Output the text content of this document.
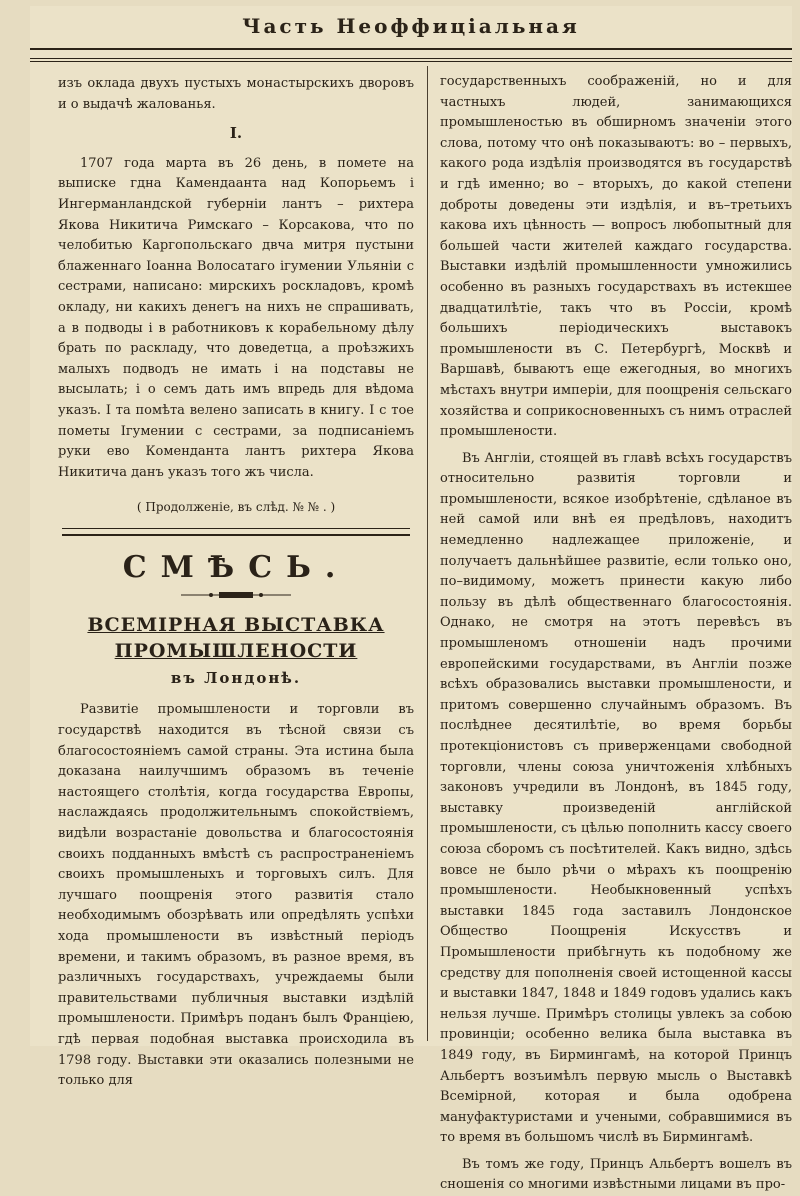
Часть Неоффиціальная

изъ оклада двухъ пустыхъ монастырскихъ дворовъ и о выдачѣ жалованья.

I.

1707 года марта въ 26 день, в помете на выписке гдна Камендаанта над Копорьемъ і Ингерманландской губерніи лантъ – рихтера Якова Никитича Римскаго – Корсакова, что по челобитью Каргопольскаго двча митря пустыни блаженнаго Іоанна Волосатаго ігумении Ульянiи с сестрами, написано: мирскихъ роскладовъ, кромѣ окладу, ни какихъ денегъ на нихъ не спрашивать, а в подводы і в работниковъ к корабельному дѣлу брать по раскладу, что доведетца, а проѣзжихъ малыхъ подводъ не имать і на подставы не высылать; і о семъ дать имъ впредь для вѣдома указъ. І та помѣта велено записать в книгу. І с тое пометы Ігумении с сестрами, за подписанiемъ руки ево Коменданта лантъ рихтера Якова Никитича данъ указъ того жъ числа.

( Продолженіе, въ слѣд. № № . )
СМѢСЬ.
ВСЕМІРНАЯ ВЫСТАВКА ПРОМЫШЛЕНОСТИ
въ Лондонѣ.

Развитіе промышлености и торговли въ государствѣ находится въ тѣсной связи съ благосостоянiемъ самой страны. Эта истина была доказана наилучшимъ образомъ въ теченіе настоящего столѣтія, когда государства Европы, наслаждаясь продолжительнымъ спокойствіемъ, видѣли возрастаніе довольства и благосостоянія своихъ подданныхъ вмѣстѣ съ распространеніемъ своихъ промышленыхъ и торговыхъ силъ. Для лучшаго поощренія этого развитія стало необходимымъ обозрѣвать или опредѣлять успѣхи хода промышлености въ извѣстный періодъ времени, и такимъ образомъ, въ разное время, въ различныхъ государствахъ, учреждаемы были правительствами публичныя выставки издѣлій промышлености. Примѣръ поданъ былъ Франціею, гдѣ первая подобная выставка происходила въ 1798 году. Выставки эти оказались полезными не только для

государственныхъ соображеній, но и для частныхъ людей, занимающихся промышленостью въ обширномъ значеніи этого слова, потому что онѣ показываютъ: во – первыхъ, какого рода издѣлія производятся въ государствѣ и гдѣ именно; во – вторыхъ, до какой степени доброты доведены эти издѣлія, и въ–третьихъ какова ихъ цѣнность — вопросъ любопытный для большей части жителей каждаго государства. Выставки издѣлій промышленности умножились особенно въ разныхъ государствахъ въ истекшее двадцатилѣтіе, такъ что въ Россіи, кромѣ большихъ періодическихъ выставокъ промышлености въ С. Петербургѣ, Москвѣ и Варшавѣ, бываютъ еще ежегодныя, во многихъ мѣстахъ внутри имперіи, для поощренія сельскаго хозяйства и соприкосновенныхъ съ нимъ отраслей промышлености.

Въ Англіи, стоящей въ главѣ всѣхъ государствъ относительно развитія торговли и промышлености, всякое изобрѣтеніе, сдѣланое въ ней самой или внѣ ея предѣловъ, находитъ немедленно надлежащее приложеніе, и получаетъ дальнѣйшее развитіе, если только оно, по–видимому, можетъ принести какую либо пользу въ дѣлѣ общественнаго благосостоянія. Однако, не смотря на этотъ перевѣсъ въ промышленомъ отношеніи надъ прочими европейскими государствами, въ Англіи позже всѣхъ образовались выставки промышлености, и притомъ совершенно случайнымъ образомъ. Въ послѣднее десятилѣтіе, во время борьбы протекціонистовъ съ приверженцами свободной торговли, члены союза уничтоженія хлѣбныхъ законовъ учредили въ Лондонѣ, въ 1845 году, выставку произведеній англійской промышлености, съ цѣлью пополнить кассу своего союза сборомъ съ посѣтителей. Какъ видно, здѣсь вовсе не было рѣчи о мѣрахъ къ поощренію промышлености. Необыкновенный успѣхъ выставки 1845 года заставилъ Лондонское Общество Поощренія Искусствъ и Промышлености прибѣгнуть къ подобному же средству для пополненія своей истощенной кассы и выставки 1847, 1848 и 1849 годовъ удались какъ нельзя лучше. Примѣръ столицы увлекъ за собою провинціи; особенно велика была выставка въ 1849 году, въ Бирмингамѣ, на которой Принцъ Альбертъ возъимѣлъ первую мысль о Выставкѣ Всемірной, которая и была одобрена мануфактуристами и учеными, собравшимися въ то время въ большомъ числѣ въ Бирмингамѣ.

Въ томъ же году, Принцъ Альбертъ вошелъ въ сношенія со многими извѣстными лицами въ про-
